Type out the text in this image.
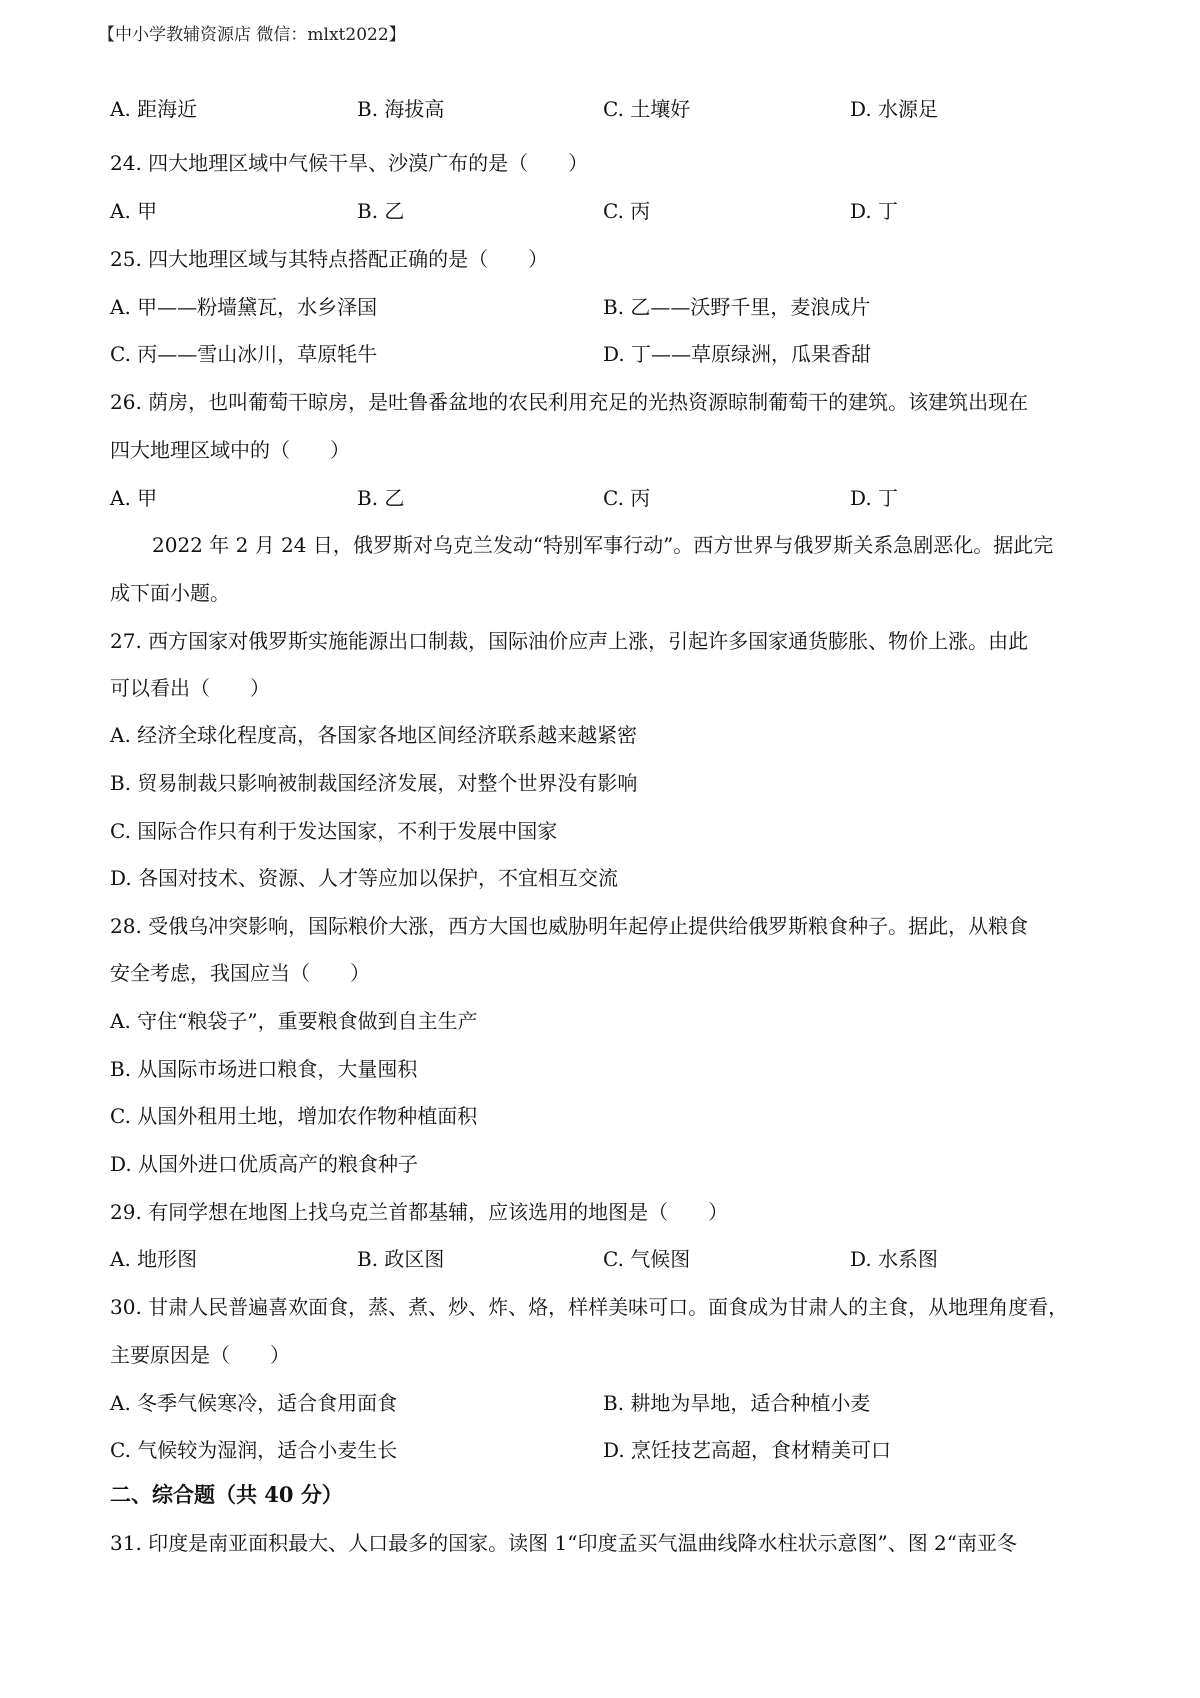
【中小学教辅资源店 微信：mlxt2022】
A. 距海近	B. 海拔高	C. 土壤好	D. 水源足
24. 四大地理区域中气候干旱、沙漠广布的是（　　）
A. 甲	B. 乙	C. 丙	D. 丁
25. 四大地理区域与其特点搭配正确的是（　　）
A. 甲——粉墙黛瓦，水乡泽国	B. 乙——沃野千里，麦浪成片
C. 丙——雪山冰川，草原牦牛	D. 丁——草原绿洲，瓜果香甜
26. 荫房，也叫葡萄干晾房，是吐鲁番盆地的农民利用充足的光热资源晾制葡萄干的建筑。该建筑出现在
四大地理区域中的（　　）
A. 甲	B. 乙	C. 丙	D. 丁
2022 年 2 月 24 日，俄罗斯对乌克兰发动“特别军事行动”。西方世界与俄罗斯关系急剧恶化。据此完
成下面小题。
27. 西方国家对俄罗斯实施能源出口制裁，国际油价应声上涨，引起许多国家通货膨胀、物价上涨。由此
可以看出（　　）
A. 经济全球化程度高，各国家各地区间经济联系越来越紧密
B. 贸易制裁只影响被制裁国经济发展，对整个世界没有影响
C. 国际合作只有利于发达国家，不利于发展中国家
D. 各国对技术、资源、人才等应加以保护，不宜相互交流
28. 受俄乌冲突影响，国际粮价大涨，西方大国也威胁明年起停止提供给俄罗斯粮食种子。据此，从粮食
安全考虑，我国应当（　　）
A. 守住“粮袋子”，重要粮食做到自主生产
B. 从国际市场进口粮食，大量囤积
C. 从国外租用土地，增加农作物种植面积
D. 从国外进口优质高产的粮食种子
29. 有同学想在地图上找乌克兰首都基辅，应该选用的地图是（　　）
A. 地形图	B. 政区图	C. 气候图	D. 水系图
30. 甘肃人民普遍喜欢面食，蒸、煮、炒、炸、烙，样样美味可口。面食成为甘肃人的主食，从地理角度看，
主要原因是（　　）
A. 冬季气候寒冷，适合食用面食	B. 耕地为旱地，适合种植小麦
C. 气候较为湿润，适合小麦生长	D. 烹饪技艺高超，食材精美可口
二、综合题（共 40 分）
31. 印度是南亚面积最大、人口最多的国家。读图 1“印度孟买气温曲线降水柱状示意图”、图 2“南亚冬
